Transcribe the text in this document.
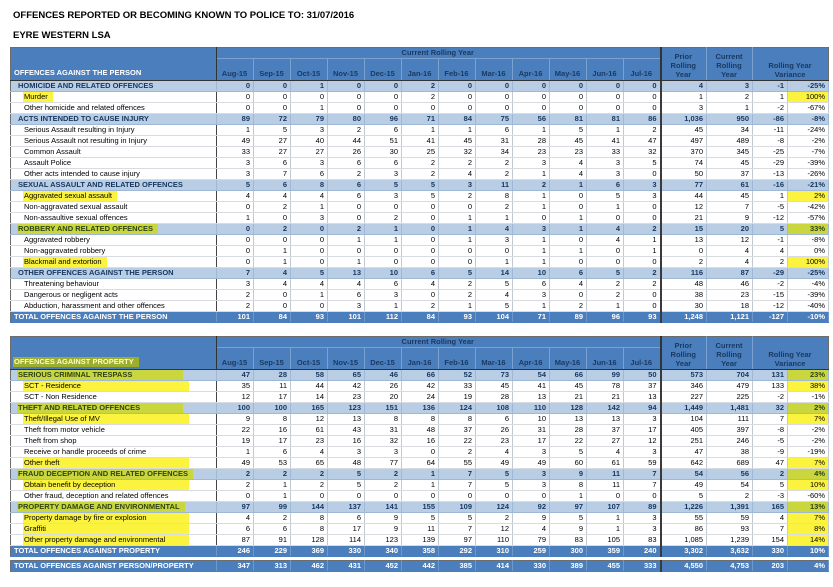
OFFENCES REPORTED OR BECOMING KNOWN TO POLICE TO: 31/07/2016
EYRE WESTERN LSA
OFFENCES AGAINST THE PERSON	Current Rolling Year												Prior Rolling Year	Current Rolling Year	Rolling Year Variance	
	Aug-15	Sep-15	Oct-15	Nov-15	Dec-15	Jan-16	Feb-16	Mar-16	Apr-16	May-16	Jun-16	Jul-16				
HOMICIDE AND RELATED OFFENCES	0	0	1	0	0	2	0	0	0	0	0	0	4	3	-1	-25%
Murder	0	0	0	0	0	2	0	0	0	0	0	0	1	2	1	100%
Other homicide and related offences	0	0	1	0	0	0	0	0	0	0	0	0	3	1	-2	-67%
ACTS INTENDED TO CAUSE INJURY	89	72	79	80	96	71	84	75	56	81	81	86	1,036	950	-86	-8%
Serious Assault resulting in Injury	1	5	3	2	6	1	1	6	1	5	1	2	45	34	-11	-24%
Serious Assault not resulting in Injury	49	27	40	44	51	41	45	31	28	45	41	47	497	489	-8	-2%
Common Assault	33	27	27	26	30	25	32	34	23	23	33	32	370	345	-25	-7%
Assault Police	3	6	3	6	6	2	2	2	3	4	3	5	74	45	-29	-39%
Other acts intended to cause injury	3	7	6	2	3	2	4	2	1	4	3	0	50	37	-13	-26%
SEXUAL ASSAULT AND RELATED OFFENCES	5	6	8	6	5	5	3	11	2	1	6	3	77	61	-16	-21%
Aggravated sexual assault	4	4	4	6	3	5	2	8	1	0	5	3	44	45	1	2%
Non-aggravated sexual assault	0	2	1	0	0	0	0	2	1	0	1	0	12	7	-5	-42%
Non-assaultive sexual offences	1	0	3	0	2	0	1	1	0	1	0	0	21	9	-12	-57%
ROBBERY AND RELATED OFFENCES	0	2	0	2	1	0	1	4	3	1	4	2	15	20	5	33%
Aggravated robbery	0	0	0	1	1	0	1	3	1	0	4	1	13	12	-1	-8%
Non-aggravated robbery	0	1	0	0	0	0	0	0	1	1	0	1	0	4	4	0%
Blackmail and extortion	0	1	0	1	0	0	0	1	1	0	0	0	2	4	2	100%
OTHER OFFENCES AGAINST THE PERSON	7	4	5	13	10	6	5	14	10	6	5	2	116	87	-29	-25%
Threatening behaviour	3	4	4	4	6	4	2	5	6	4	2	2	48	46	-2	-4%
Dangerous or negligent acts	2	0	1	6	3	0	2	4	3	0	2	0	38	23	-15	-39%
Abduction, harassment and other offences	2	0	0	3	1	2	1	5	1	2	1	0	30	18	-12	-40%
TOTAL OFFENCES AGAINST THE PERSON	101	84	93	101	112	84	93	104	71	89	96	93	1,248	1,121	-127	-10%
OFFENCES AGAINST PROPERTY	Current Rolling Year												Prior Rolling Year	Current Rolling Year	Rolling Year Variance	
	Aug-15	Sep-15	Oct-15	Nov-15	Dec-15	Jan-16	Feb-16	Mar-16	Apr-16	May-16	Jun-16	Jul-16				
SERIOUS CRIMINAL TRESPASS	47	28	58	65	46	66	52	73	54	66	99	50	573	704	131	23%
SCT - Residence	35	11	44	42	26	42	33	45	41	45	78	37	346	479	133	38%
SCT - Non Residence	12	17	14	23	20	24	19	28	13	21	21	13	227	225	-2	-1%
THEFT AND RELATED OFFENCES	100	100	165	123	151	136	124	108	110	128	142	94	1,449	1,481	32	2%
Theft/Illegal Use of MV	9	8	12	13	8	8	8	6	10	13	13	3	104	111	7	7%
Theft from motor vehicle	22	16	61	43	31	48	37	26	31	28	37	17	405	397	-8	-2%
Theft from shop	19	17	23	16	32	16	22	23	17	22	27	12	251	246	-5	-2%
Receive or handle proceeds of crime	1	6	4	3	3	0	2	4	3	5	4	3	47	38	-9	-19%
Other theft	49	53	65	48	77	64	55	49	49	60	61	59	642	689	47	7%
FRAUD DECEPTION AND RELATED OFFENCES	2	2	2	5	2	1	7	5	3	9	11	7	54	56	2	4%
Obtain benefit by deception	2	1	2	5	2	1	7	5	3	8	11	7	49	54	5	10%
Other fraud, deception and related offences	0	1	0	0	0	0	0	0	0	1	0	0	5	2	-3	-60%
PROPERTY DAMAGE AND ENVIRONMENTAL	97	99	144	137	141	155	109	124	92	97	107	89	1,226	1,391	165	13%
Property damage by fire or explosion	4	2	8	6	9	5	5	2	9	5	1	3	55	59	4	7%
Graffiti	6	6	8	17	9	11	7	12	4	9	1	3	86	93	7	8%
Other property damage and environmental	87	91	128	114	123	139	97	110	79	83	105	83	1,085	1,239	154	14%
TOTAL OFFENCES AGAINST PROPERTY	246	229	369	330	340	358	292	310	259	300	359	240	3,302	3,632	330	10%
TOTAL OFFENCES AGAINST PERSON/PROPERTY	347	313	462	431	452	442	385	414	330	389	455	333	4,550	4,753	203	4%
